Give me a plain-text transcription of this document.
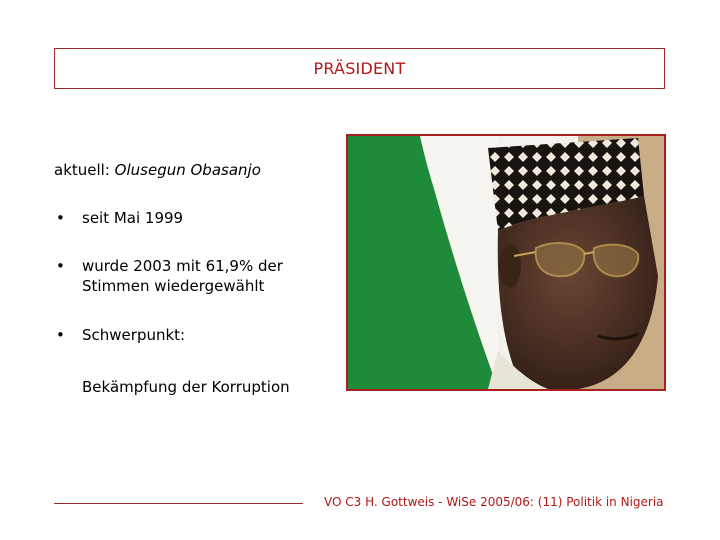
PRÄSIDENT

aktuell: Olusegun Obasanjo

• seit Mai 1999
• wurde 2003 mit 61,9% der Stimmen wiedergewählt
• Schwerpunkt:
Bekämpfung der Korruption
VO C3 H. Gottweis - WiSe 2005/06: (11) Politik in Nigeria
